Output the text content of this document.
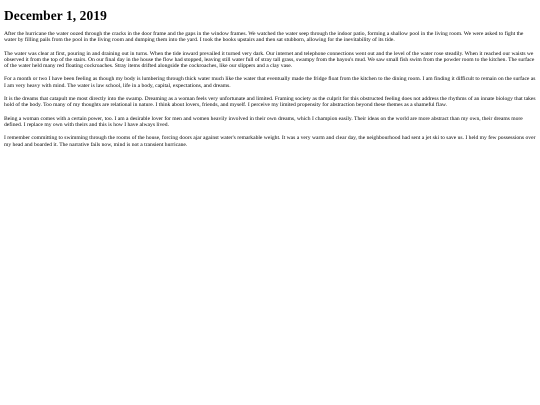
December 1, 2019

After the hurricane the water oozed through the cracks in the door frame and the gaps in the window frames. We watched the water seep through the indoor patio, forming a shallow pool in the living room. We were asked to fight the water by filling pails from the pool in the living room and dumping them into the yard. I took the books upstairs and then sat stubborn, allowing for the inevitability of its tide.

The water was clear at first, pouring in and draining out in turns. When the tide inward prevailed it turned very dark. Our internet and telephone connections went out and the level of the water rose steadily. When it reached our waists we observed it from the top of the stairs. On our final day in the house the flow had stopped, leaving still water full of stray tall grass, swampy from the bayou's mud. We saw small fish swim from the powder room to the kitchen. The surface of the water held many red floating cockroaches. Stray items drifted alongside the cockroaches, like our slippers and a clay vase.

For a month or two I have been feeling as though my body is lumbering through thick water much like the water that eventually made the fridge float from the kitchen to the dining room. I am finding it difficult to remain on the surface as I am very heavy with mind. The water is law school, life in a body, capital, expectations, and dreams.

It is the dreams that catapult me most directly into the swamp. Dreaming as a woman feels very unfortunate and limited. Framing society as the culprit for this obstructed feeling does not address the rhythms of an innate biology that takes hold of the body. Too many of my thoughts are relational in nature. I think about lovers, friends, and myself. I perceive my limited propensity for abstraction beyond these themes as a shameful flaw.

Being a woman comes with a certain power, too. I am a desirable lover for men and women heavily involved in their own dreams, which I champion easily. Their ideas on the world are more abstract than my own, their dreams more defined. I replace my own with theirs and this is how I have always lived.

I remember committing to swimming through the rooms of the house, forcing doors ajar against water's remarkable weight. It was a very warm and clear day, the neighbourhood had sent a jet ski to save us. I held my few possessions over my head and boarded it. The narrative fails now, mind is not a transient hurricane.
